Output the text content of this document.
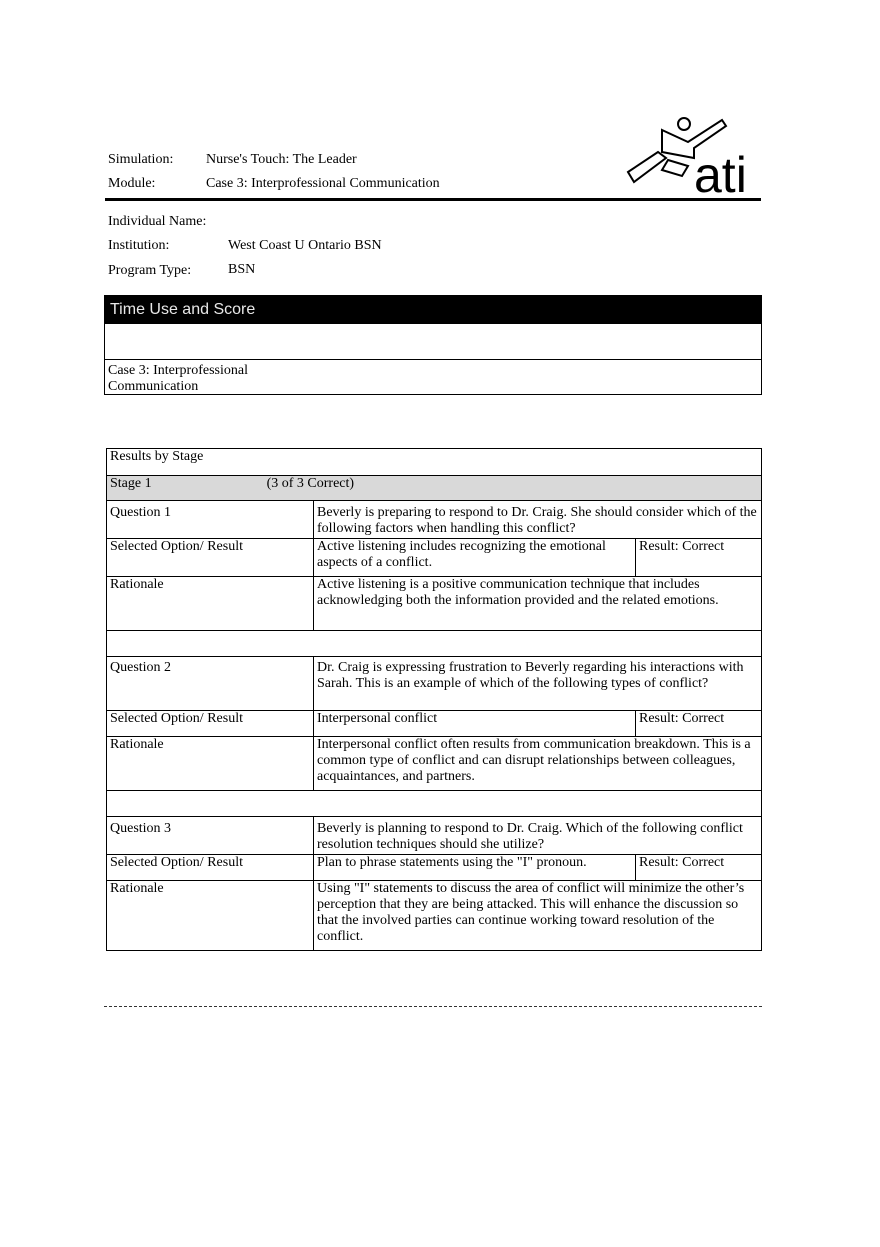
Simulation: Nurse's Touch: The Leader
Module:	Case 3: Interprofessional Communication	ati
Individual Name:
Institution:	West Coast U Ontario BSN
Program Type:	BSN
Time Use and Score
Case 3: Interprofessional Communication
Results by Stage		
Stage 1 (3 of 3 Correct)		
Question 1	Beverly is preparing to respond to Dr. Craig. She should consider which of the following factors when handling this conflict?	
Selected Option/ Result	Active listening includes recognizing the emotional aspects of a conflict.	Result: Correct
Rationale	Active listening is a positive communication technique that includes acknowledging both the information provided and the related emotions.	

Question 2	Dr. Craig is expressing frustration to Beverly regarding his interactions with Sarah. This is an example of which of the following types of conflict?	
Selected Option/ Result	Interpersonal conflict	Result: Correct
Rationale	Interpersonal conflict often results from communication breakdown. This is a common type of conflict and can disrupt relationships between colleagues, acquaintances, and partners.	

Question 3	Beverly is planning to respond to Dr. Craig. Which of the following conflict resolution techniques should she utilize?	
Selected Option/ Result	Plan to phrase statements using the "I" pronoun.	Result: Correct
Rationale	Using "I" statements to discuss the area of conflict will minimize the other’s perception that they are being attacked. This will enhance the discussion so that the involved parties can continue working toward resolution of the conflict.	
